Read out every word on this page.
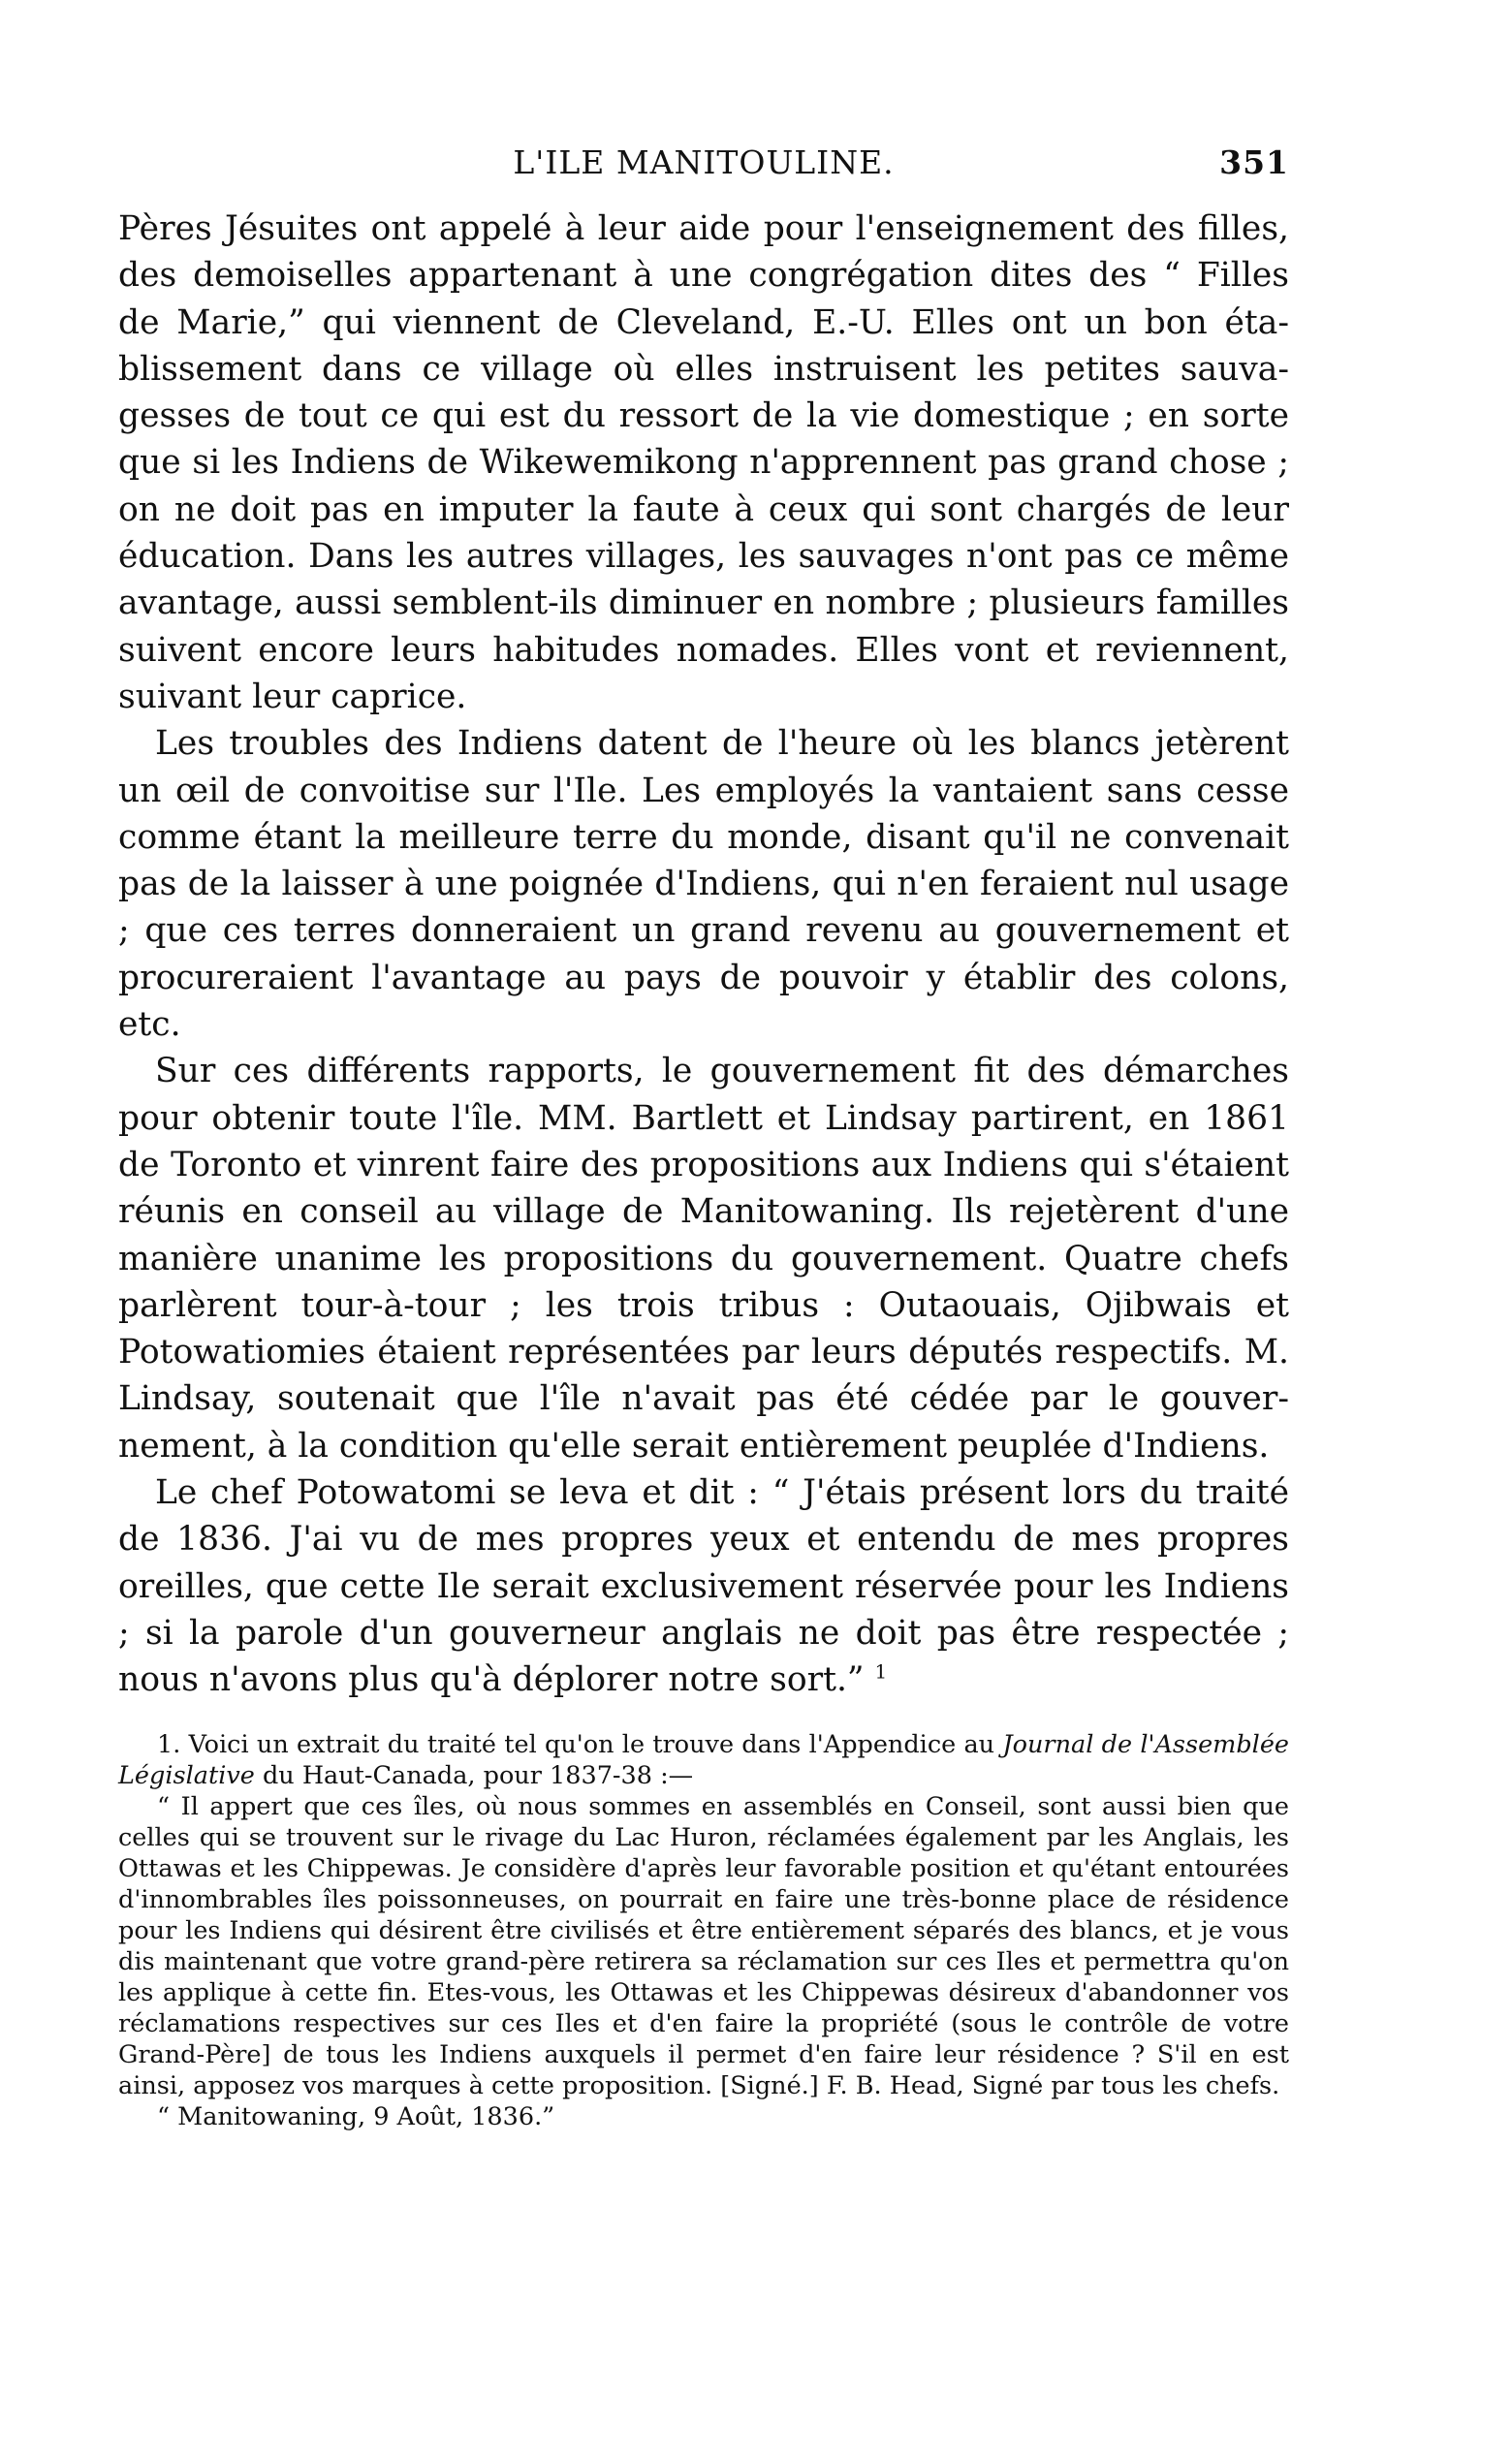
L'ILE MANITOULINE.	351

Pères Jésuites ont appelé à leur aide pour l'enseignement des filles, des demoiselles appartenant à une congrégation dites des “ Filles de Marie,” qui viennent de Cleveland, E.-U. Elles ont un bon établissement dans ce village où elles instruisent les petites sauvagesses de tout ce qui est du ressort de la vie domestique ; en sorte que si les Indiens de Wikewemikong n'apprennent pas grand chose ; on ne doit pas en imputer la faute à ceux qui sont chargés de leur éducation. Dans les autres villages, les sauvages n'ont pas ce même avantage, aussi semblent-ils diminuer en nombre ; plusieurs familles suivent encore leurs habitudes nomades. Elles vont et reviennent, suivant leur caprice.

Les troubles des Indiens datent de l'heure où les blancs jetèrent un œil de convoitise sur l'Ile. Les employés la vantaient sans cesse comme étant la meilleure terre du monde, disant qu'il ne convenait pas de la laisser à une poignée d'Indiens, qui n'en feraient nul usage ; que ces terres donneraient un grand revenu au gouvernement et procureraient l'avantage au pays de pouvoir y établir des colons, etc.

Sur ces différents rapports, le gouvernement fit des démarches pour obtenir toute l'île. MM. Bartlett et Lindsay partirent, en 1861 de Toronto et vinrent faire des propositions aux Indiens qui s'étaient réunis en conseil au village de Manitowaning. Ils rejetèrent d'une manière unanime les propositions du gouvernement. Quatre chefs parlèrent tour-à-tour ; les trois tribus : Outaouais, Ojibwais et Potowatiomies étaient représentées par leurs députés respectifs. M. Lindsay, soutenait que l'île n'avait pas été cédée par le gouvernement, à la condition qu'elle serait entièrement peuplée d'Indiens.

Le chef Potowatomi se leva et dit : “ J'étais présent lors du traité de 1836. J'ai vu de mes propres yeux et entendu de mes propres oreilles, que cette Ile serait exclusivement réservée pour les Indiens ; si la parole d'un gouverneur anglais ne doit pas être respectée ; nous n'avons plus qu'à déplorer notre sort.” $^1$

1. Voici un extrait du traité tel qu'on le trouve dans l'Appendice au Journal de l'Assemblée Législative du Haut-Canada, pour 1837-38 :—

“ Il appert que ces îles, où nous sommes en assemblés en Conseil, sont aussi bien que celles qui se trouvent sur le rivage du Lac Huron, réclamées également par les Anglais, les Ottawas et les Chippewas. Je considère d'après leur favorable position et qu'étant entourées d'innombrables îles poissonneuses, on pourrait en faire une très-bonne place de résidence pour les Indiens qui désirent être civilisés et être entièrement séparés des blancs, et je vous dis maintenant que votre grand-père retirera sa réclamation sur ces Iles et permettra qu'on les applique à cette fin. Etes-vous, les Ottawas et les Chippewas désireux d'abandonner vos réclamations respectives sur ces Iles et d'en faire la propriété (sous le contrôle de votre Grand-Père] de tous les Indiens auxquels il permet d'en faire leur résidence ? S'il en est ainsi, apposez vos marques à cette proposition. [Signé.] F. B. Head, Signé par tous les chefs.

“ Manitowaning, 9 Août, 1836.”
